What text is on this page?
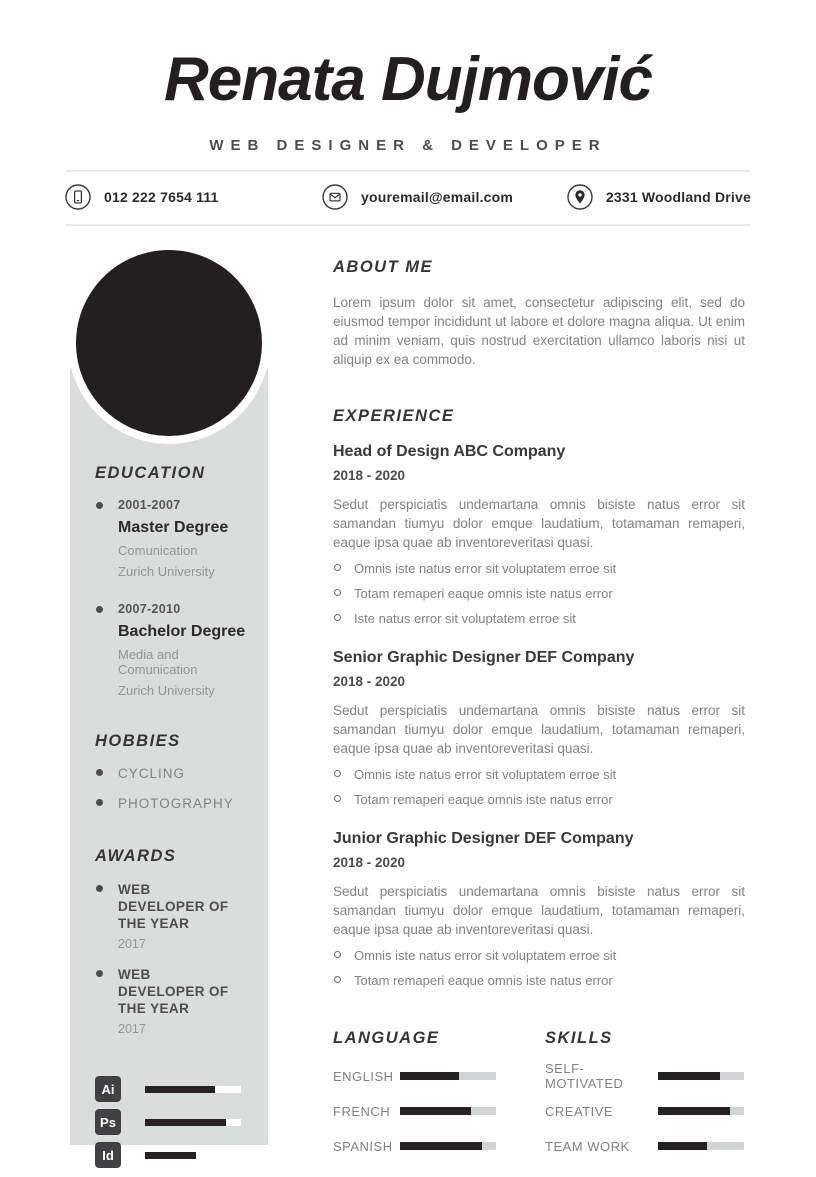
Renata Dujmović
WEB DESIGNER & DEVELOPER
012 222 7654 111	youremail@email.com	2331 Woodland Drive
EDUCATION
2001-2007
Master Degree
Comunication
Zurich University
2007-2010
Bachelor Degree
Media and Comunication
Zurich University
HOBBIES
CYCLING
PHOTOGRAPHY
AWARDS
WEB DEVELOPER OF THE YEAR
2017
WEB DEVELOPER OF THE YEAR
2017
Ai
Ps
Id
ABOUT ME
Lorem ipsum dolor sit amet, consectetur adipiscing elit, sed do eiusmod tempor incididunt ut labore et dolore magna aliqua. Ut enim ad minim veniam, quis nostrud exercitation ullamco laboris nisi ut aliquip ex ea commodo.
EXPERIENCE
Head of Design ABC Company
2018 - 2020
Sedut perspiciatis undemartana omnis bisiste natus error sit samandan tiumyu dolor emque laudatium, totamaman remaperi, eaque ipsa quae ab inventoreveritasi quasi.
Omnis iste natus error sit voluptatem erroe sit
Totam remaperi eaque omnis iste natus error
Iste natus error sit voluptatem erroe sit
Senior Graphic Designer DEF Company
2018 - 2020
Sedut perspiciatis undemartana omnis bisiste natus error sit samandan tiumyu dolor emque laudatium, totamaman remaperi, eaque ipsa quae ab inventoreveritasi quasi.
Omnis iste natus error sit voluptatem erroe sit
Totam remaperi eaque omnis iste natus error
Junior Graphic Designer DEF Company
2018 - 2020
Sedut perspiciatis undemartana omnis bisiste natus error sit samandan tiumyu dolor emque laudatium, totamaman remaperi, eaque ipsa quae ab inventoreveritasi quasi.
Omnis iste natus error sit voluptatem erroe sit
Totam remaperi eaque omnis iste natus error
LANGUAGE
ENGLISH
FRENCH
SPANISH
SKILLS
SELF-MOTIVATED
CREATIVE
TEAM WORK
